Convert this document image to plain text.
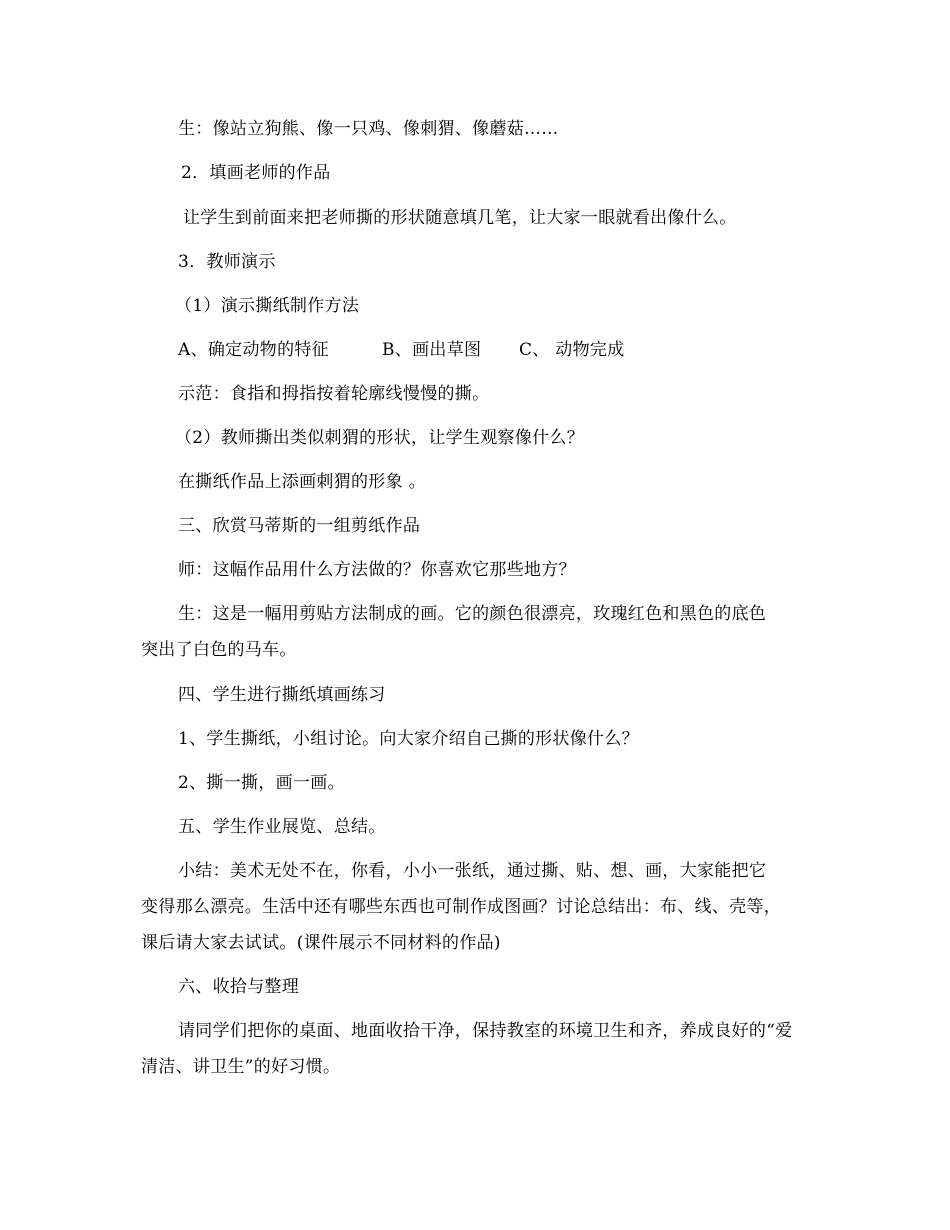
生：像站立狗熊、像一只鸡、像刺猬、像蘑菇……
2．填画老师的作品
让学生到前面来把老师撕的形状随意填几笔，让大家一眼就看出像什么。
3．教师演示
（1）演示撕纸制作方法
A、确定动物的特征	B、画出草图 C、 动物完成
示范：食指和拇指按着轮廓线慢慢的撕。
（2）教师撕出类似刺猬的形状，让学生观察像什么？
在撕纸作品上添画刺猬的形象 。
三、欣赏马蒂斯的一组剪纸作品
师：这幅作品用什么方法做的？你喜欢它那些地方？
生：这是一幅用剪贴方法制成的画。它的颜色很漂亮，玫瑰红色和黑色的底色
突出了白色的马车。
四、学生进行撕纸填画练习
1、学生撕纸，小组讨论。向大家介绍自己撕的形状像什么？
2、撕一撕，画一画。
五、学生作业展览、总结。
小结：美术无处不在，你看，小小一张纸，通过撕、贴、想、画，大家能把它
变得那么漂亮。生活中还有哪些东西也可制作成图画？讨论总结出：布、线、壳等，
课后请大家去试试。(课件展示不同材料的作品)
六、收拾与整理
请同学们把你的桌面、地面收拾干净，保持教室的环境卫生和齐，养成良好的“爱
清洁、讲卫生”的好习惯。
